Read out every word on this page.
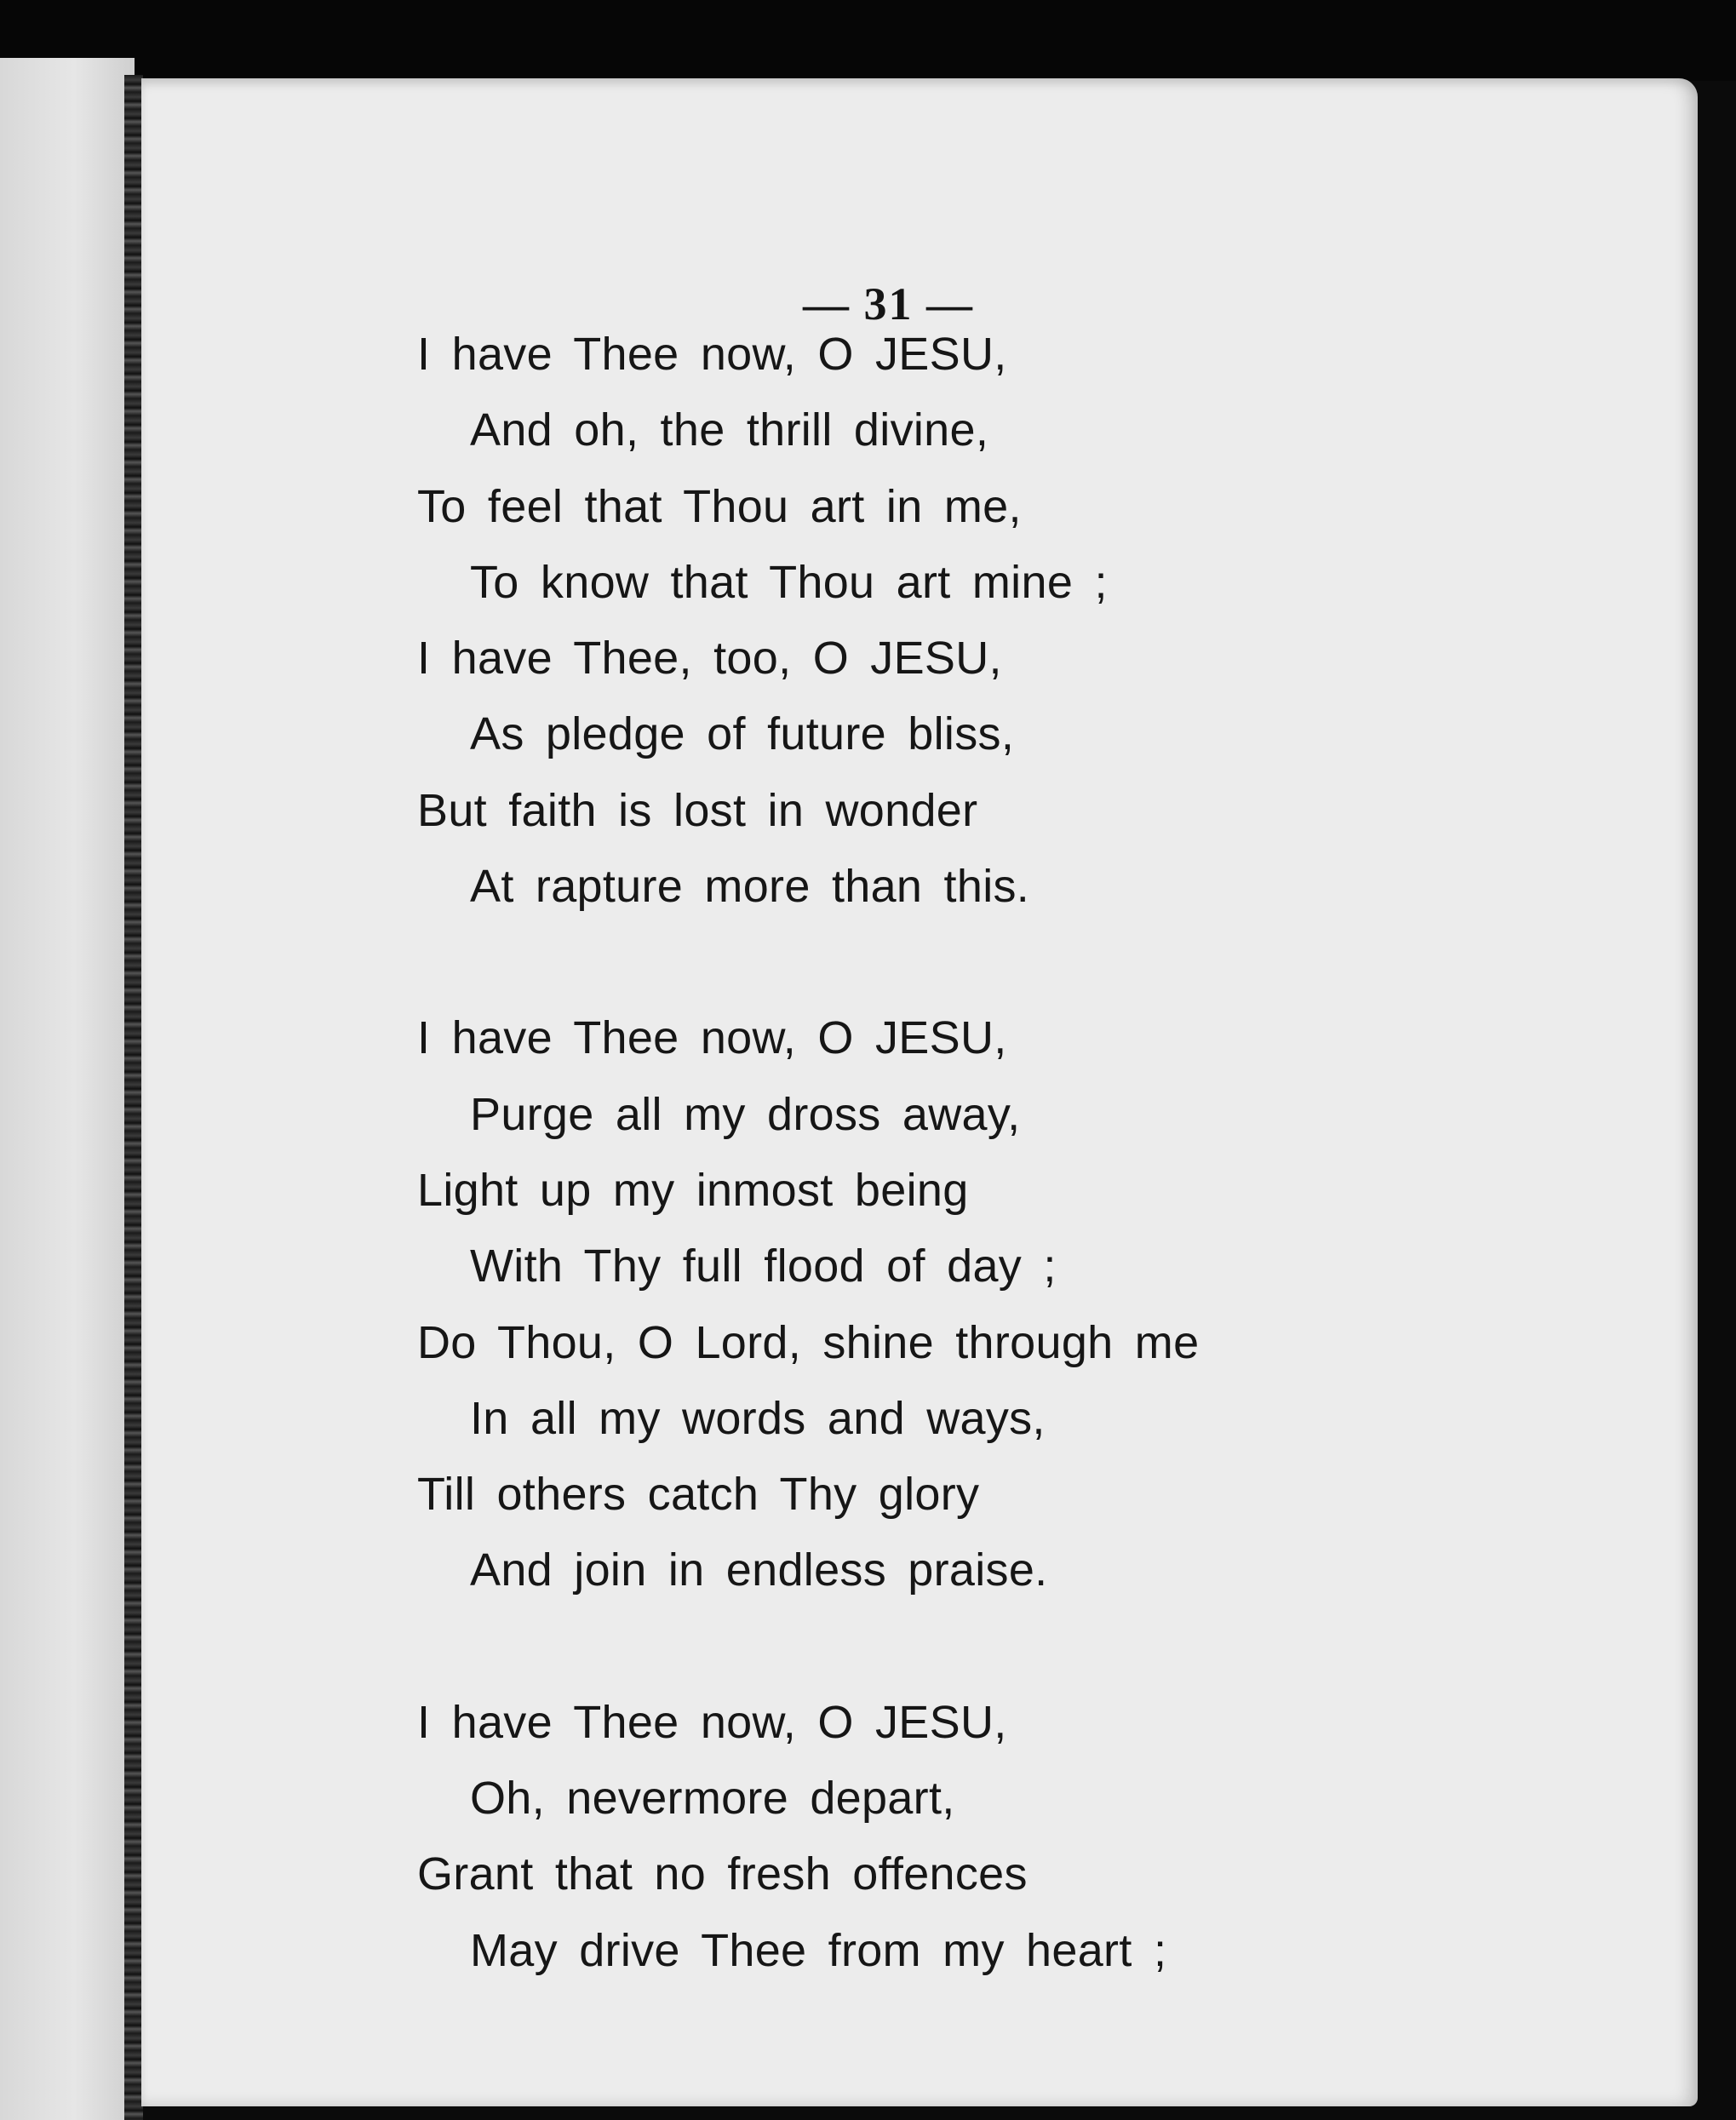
— 31 —
I have Thee now, O JESU,
And oh, the thrill divine,
To feel that Thou art in me,
To know that Thou art mine ;
I have Thee, too, O JESU,
As pledge of future bliss,
But faith is lost in wonder
At rapture more than this.
I have Thee now, O JESU,
Purge all my dross away,
Light up my inmost being
With Thy full flood of day ;
Do Thou, O Lord, shine through me
In all my words and ways,
Till others catch Thy glory
And join in endless praise.
I have Thee now, O JESU,
Oh, nevermore depart,
Grant that no fresh offences
May drive Thee from my heart ;
